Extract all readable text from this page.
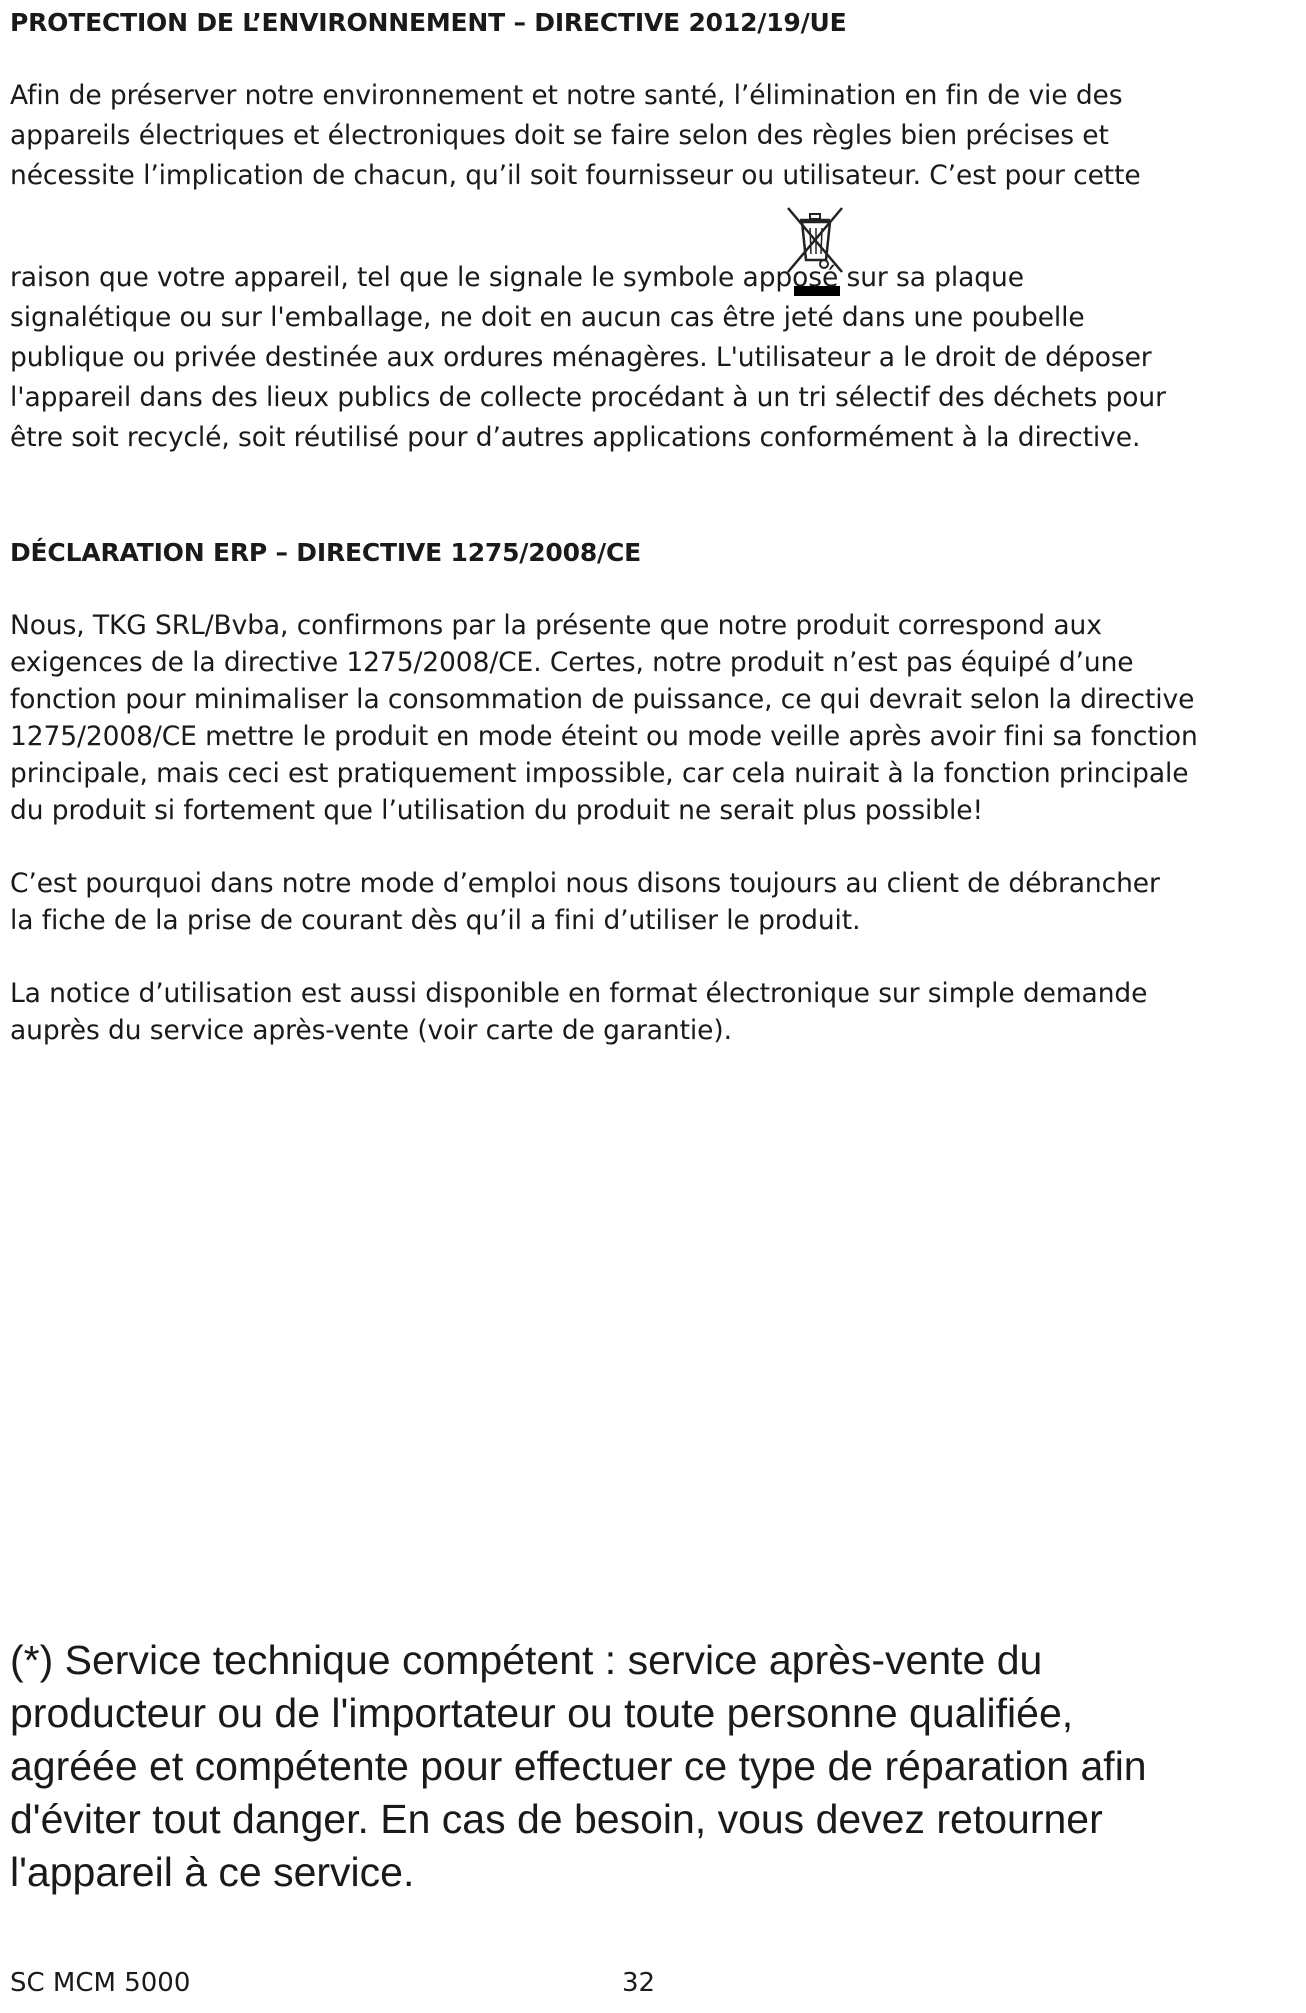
PROTECTION DE L’ENVIRONNEMENT – DIRECTIVE 2012/19/UE
Afin de préserver notre environnement et notre santé, l’élimination en fin de vie des
appareils électriques et électroniques doit se faire selon des règles bien précises et
nécessite l’implication de chacun, qu’il soit fournisseur ou utilisateur. C’est pour cette
raison que votre appareil, tel que le signale le symbole apposé sur sa plaque
signalétique ou sur l'emballage, ne doit en aucun cas être jeté dans une poubelle
publique ou privée destinée aux ordures ménagères. L'utilisateur a le droit de déposer
l'appareil dans des lieux publics de collecte procédant à un tri sélectif des déchets pour
être soit recyclé, soit réutilisé pour d’autres applications conformément à la directive.
DÉCLARATION ERP – DIRECTIVE 1275/2008/CE
Nous, TKG SRL/Bvba, confirmons par la présente que notre produit correspond aux
exigences de la directive 1275/2008/CE. Certes, notre produit n’est pas équipé d’une
fonction pour minimaliser la consommation de puissance, ce qui devrait selon la directive
1275/2008/CE mettre le produit en mode éteint ou mode veille après avoir fini sa fonction
principale, mais ceci est pratiquement impossible, car cela nuirait à la fonction principale
du produit si fortement que l’utilisation du produit ne serait plus possible!
C’est pourquoi dans notre mode d’emploi nous disons toujours au client de débrancher
la fiche de la prise de courant dès qu’il a fini d’utiliser le produit.
La notice d’utilisation est aussi disponible en format électronique sur simple demande
auprès du service après-vente (voir carte de garantie).
(*) Service technique compétent : service après-vente du
producteur ou de l'importateur ou toute personne qualifiée,
agréée et compétente pour effectuer ce type de réparation afin
d'éviter tout danger. En cas de besoin, vous devez retourner
l'appareil à ce service.
SC MCM 5000	32
